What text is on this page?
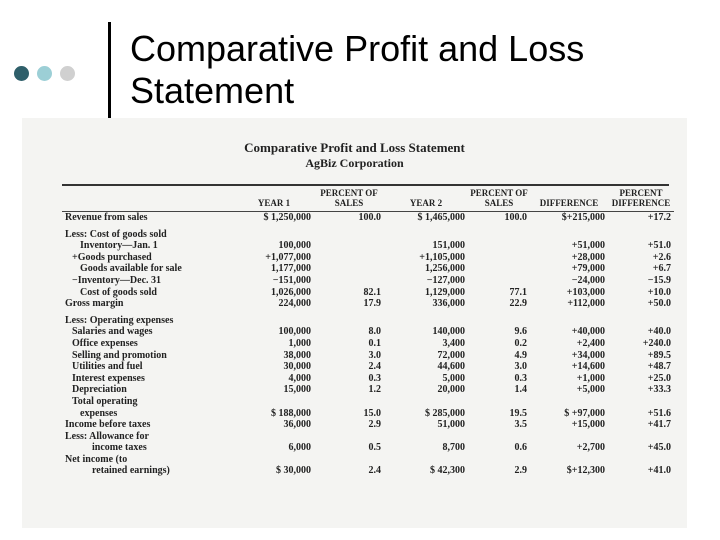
Comparative Profit and Loss
Statement
Comparative Profit and Loss Statement
AgBiz Corporation
	YEAR 1	PERCENT OF SALES	YEAR 2	PERCENT OF SALES	DIFFERENCE	PERCENT DIFFERENCE
Revenue from sales	$ 1,250,000	100.0	$ 1,465,000	100.0	$+215,000	+17.2
Less: Cost of goods sold						
Inventory—Jan. 1	100,000		151,000		+51,000	+51.0
+Goods purchased	+1,077,000		+1,105,000		+28,000	+2.6
Goods available for sale	1,177,000		1,256,000		+79,000	+6.7
−Inventory—Dec. 31	−151,000		−127,000		−24,000	−15.9
Cost of goods sold	1,026,000	82.1	1,129,000	77.1	+103,000	+10.0
Gross margin	224,000	17.9	336,000	22.9	+112,000	+50.0
Less: Operating expenses						
Salaries and wages	100,000	8.0	140,000	9.6	+40,000	+40.0
Office expenses	1,000	0.1	3,400	0.2	+2,400	+240.0
Selling and promotion	38,000	3.0	72,000	4.9	+34,000	+89.5
Utilities and fuel	30,000	2.4	44,600	3.0	+14,600	+48.7
Interest expenses	4,000	0.3	5,000	0.3	+1,000	+25.0
Depreciation	15,000	1.2	20,000	1.4	+5,000	+33.3
Total operating						
expenses	$ 188,000	15.0	$ 285,000	19.5	$ +97,000	+51.6
Income before taxes	36,000	2.9	51,000	3.5	+15,000	+41.7
Less: Allowance for						
income taxes	6,000	0.5	8,700	0.6	+2,700	+45.0
Net income (to						
retained earnings)	$ 30,000	2.4	$ 42,300	2.9	$+12,300	+41.0
